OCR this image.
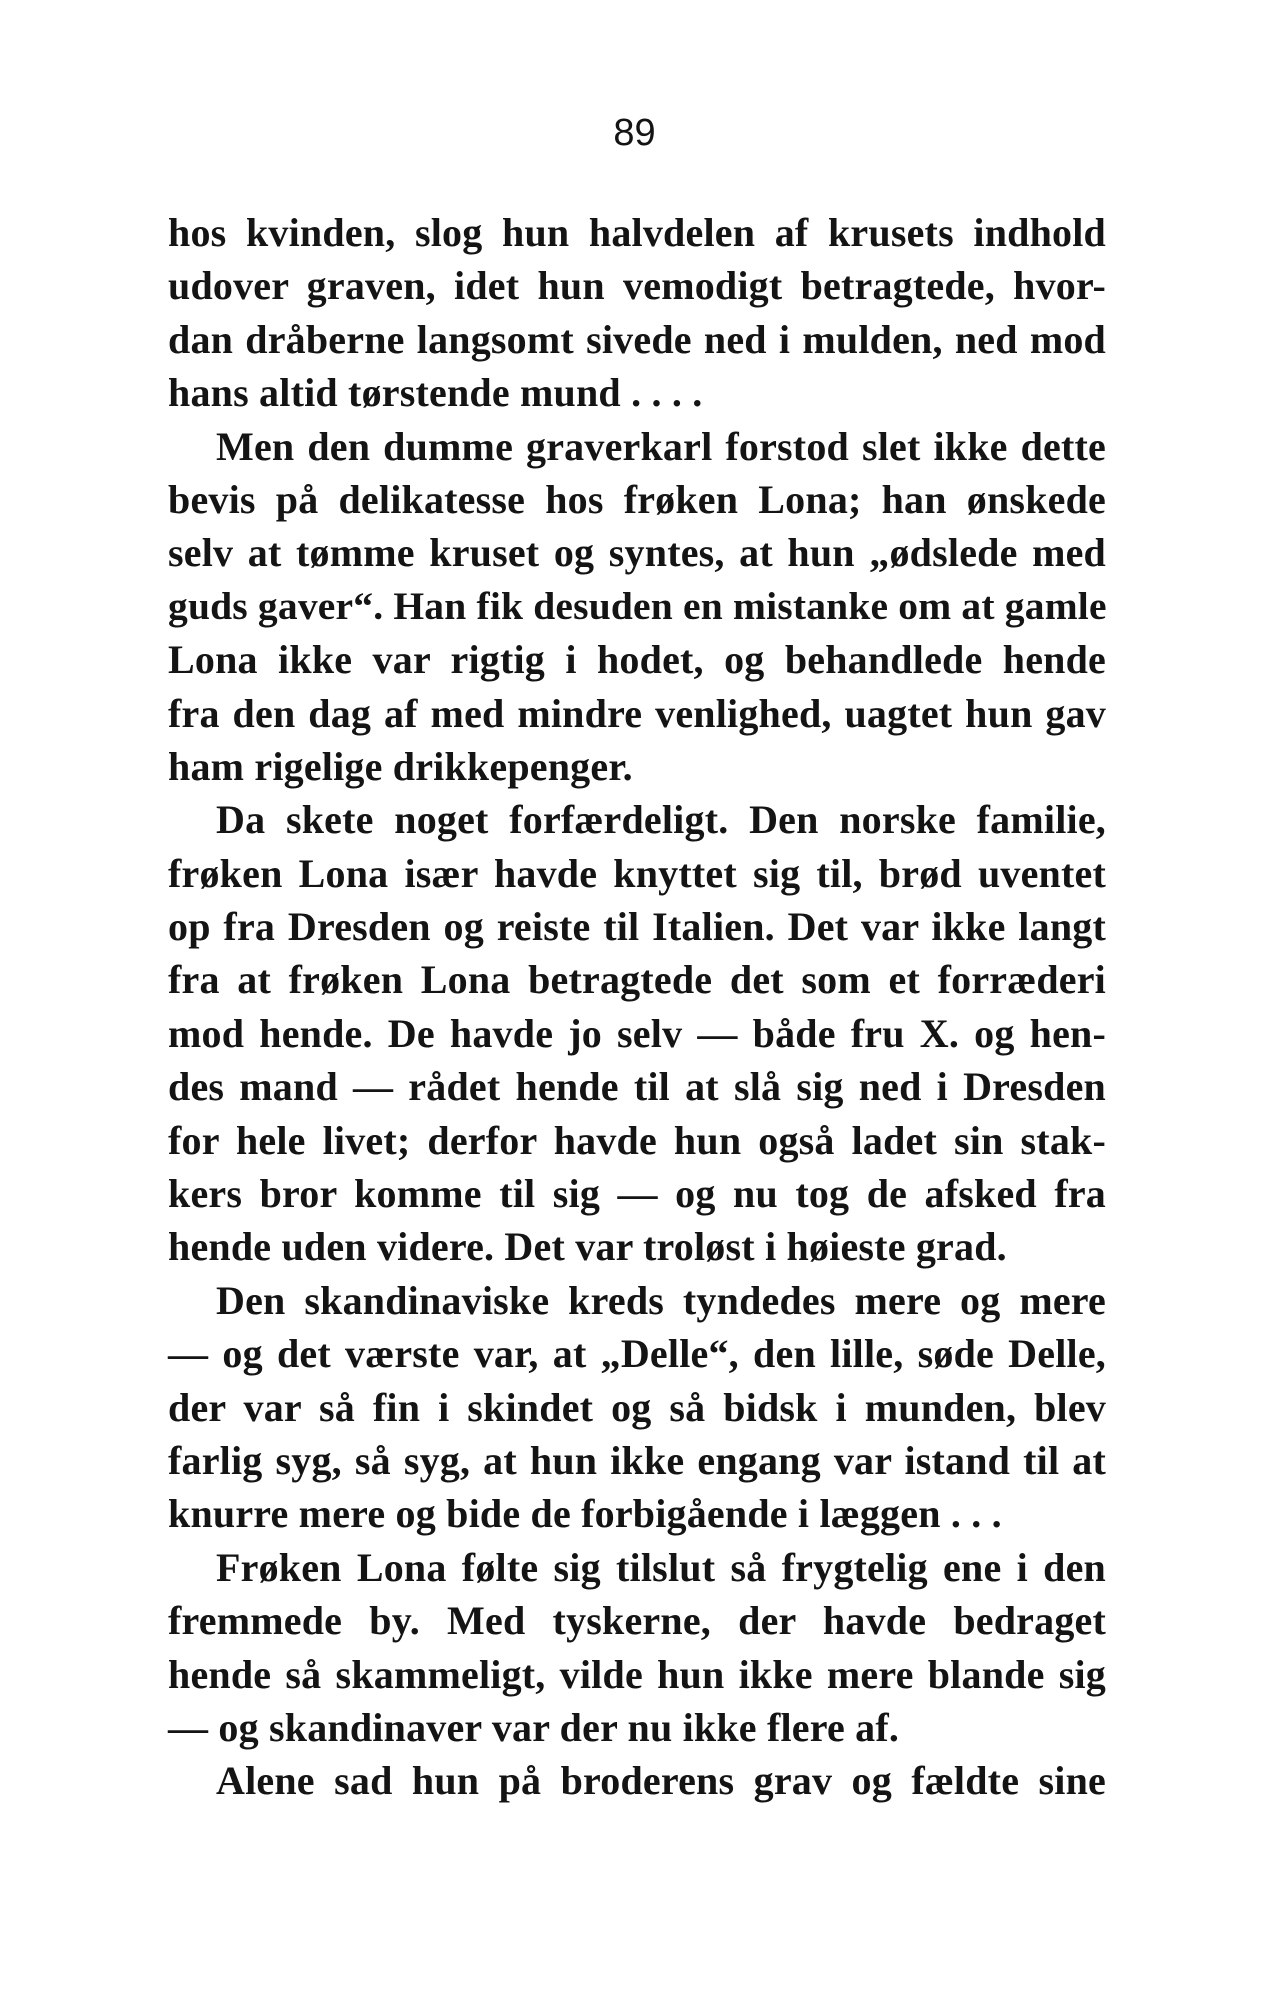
89
hos kvinden, slog hun halvdelen af krusets indhold
udover graven, idet hun vemodigt betragtede, hvor-
dan dråberne langsomt sivede ned i mulden, ned mod
hans altid tørstende mund . . . .
Men den dumme graverkarl forstod slet ikke dette
bevis på delikatesse hos frøken Lona; han ønskede
selv at tømme kruset og syntes, at hun „ødslede med
guds gaver“. Han fik desuden en mistanke om at gamle
Lona ikke var rigtig i hodet, og behandlede hende
fra den dag af med mindre venlighed, uagtet hun gav
ham rigelige drikkepenger.
Da skete noget forfærdeligt. Den norske familie,
frøken Lona især havde knyttet sig til, brød uventet
op fra Dresden og reiste til Italien. Det var ikke langt
fra at frøken Lona betragtede det som et forræderi
mod hende. De havde jo selv — både fru X. og hen-
des mand — rådet hende til at slå sig ned i Dresden
for hele livet; derfor havde hun også ladet sin stak-
kers bror komme til sig — og nu tog de afsked fra
hende uden videre. Det var troløst i høieste grad.
Den skandinaviske kreds tyndedes mere og mere
— og det værste var, at „Delle“, den lille, søde Delle,
der var så fin i skindet og så bidsk i munden, blev
farlig syg, så syg, at hun ikke engang var istand til at
knurre mere og bide de forbigående i læggen . . .
Frøken Lona følte sig tilslut så frygtelig ene i den
fremmede by. Med tyskerne, der havde bedraget
hende så skammeligt, vilde hun ikke mere blande sig
— og skandinaver var der nu ikke flere af.
Alene sad hun på broderens grav og fældte sine
